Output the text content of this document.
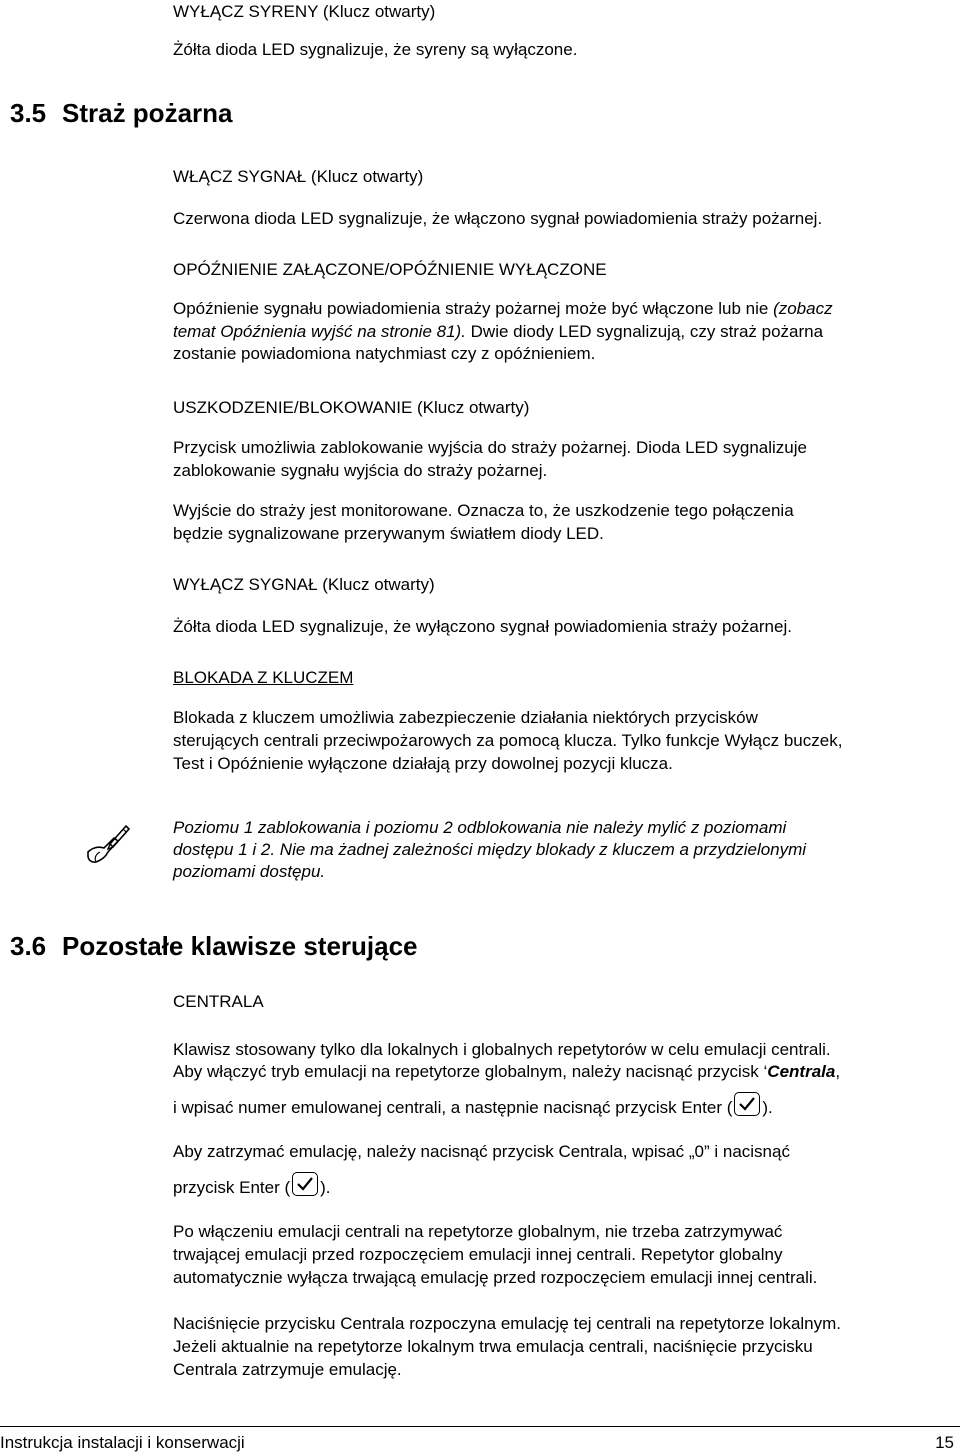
WYŁĄCZ SYRENY (Klucz otwarty)
Żółta dioda LED sygnalizuje, że syreny są wyłączone.
3.5 Straż pożarna
WŁĄCZ SYGNAŁ (Klucz otwarty)
Czerwona dioda LED sygnalizuje, że włączono sygnał powiadomienia straży pożarnej.
OPÓŹNIENIE ZAŁĄCZONE/OPÓŹNIENIE WYŁĄCZONE
Opóźnienie sygnału powiadomienia straży pożarnej może być włączone lub nie (zobacz
temat Opóźnienia wyjść na stronie 81). Dwie diody LED sygnalizują, czy straż pożarna
zostanie powiadomiona natychmiast czy z opóźnieniem.
USZKODZENIE/BLOKOWANIE (Klucz otwarty)
Przycisk umożliwia zablokowanie wyjścia do straży pożarnej. Dioda LED sygnalizuje
zablokowanie sygnału wyjścia do straży pożarnej.
Wyjście do straży jest monitorowane. Oznacza to, że uszkodzenie tego połączenia
będzie sygnalizowane przerywanym światłem diody LED.
WYŁĄCZ SYGNAŁ (Klucz otwarty)
Żółta dioda LED sygnalizuje, że wyłączono sygnał powiadomienia straży pożarnej.
BLOKADA Z KLUCZEM
Blokada z kluczem umożliwia zabezpieczenie działania niektórych przycisków
sterujących centrali przeciwpożarowych za pomocą klucza. Tylko funkcje Wyłącz buczek,
Test i Opóźnienie wyłączone działają przy dowolnej pozycji klucza.
Poziomu 1 zablokowania i poziomu 2 odblokowania nie należy mylić z poziomami
dostępu 1 i 2. Nie ma żadnej zależności między blokady z kluczem a przydzielonymi
poziomami dostępu.
3.6 Pozostałe klawisze sterujące
CENTRALA
Klawisz stosowany tylko dla lokalnych i globalnych repetytorów w celu emulacji centrali.
Aby włączyć tryb emulacji na repetytorze globalnym, należy nacisnąć przycisk ‘Centrala,
i wpisać numer emulowanej centrali, a następnie nacisnąć przycisk Enter ( ).
Aby zatrzymać emulację, należy nacisnąć przycisk Centrala, wpisać „0” i nacisnąć
przycisk Enter ( ).
Po włączeniu emulacji centrali na repetytorze globalnym, nie trzeba zatrzymywać
trwającej emulacji przed rozpoczęciem emulacji innej centrali. Repetytor globalny
automatycznie wyłącza trwającą emulację przed rozpoczęciem emulacji innej centrali.
Naciśnięcie przycisku Centrala rozpoczyna emulację tej centrali na repetytorze lokalnym.
Jeżeli aktualnie na repetytorze lokalnym trwa emulacja centrali, naciśnięcie przycisku
Centrala zatrzymuje emulację.
Instrukcja instalacji i konserwacji	15
